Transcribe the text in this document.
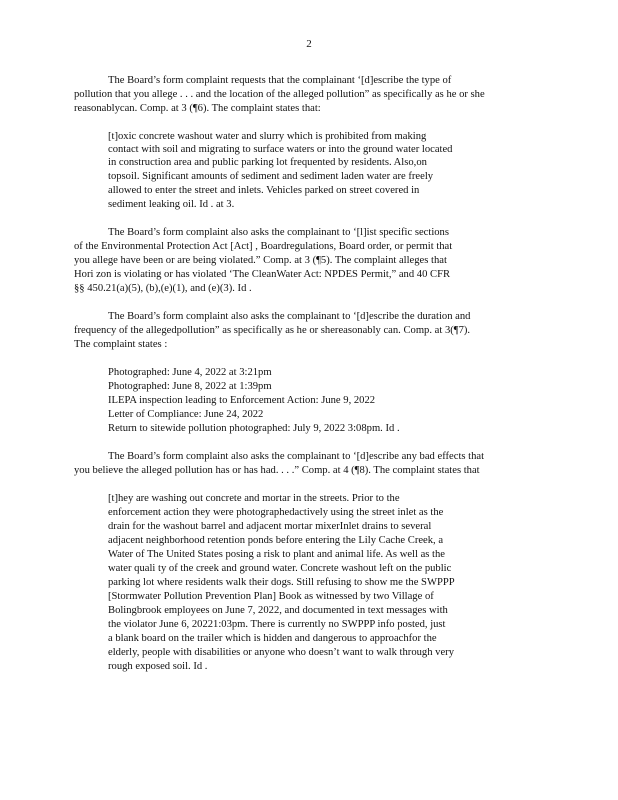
2
The Board’s form complaint requests that the complainant ‘[d]escribe the type of
pollution that you allege . . . and the location of the alleged pollution” as specifically as he or she
reasonablycan. Comp. at 3 (¶6). The complaint states that:
[t]oxic concrete washout water and slurry which is prohibited from making
contact with soil and migrating to surface waters or into the ground water located
in construction area and public parking lot frequented by residents. Also,on
topsoil. Significant amounts of sediment and sediment laden water are freely
allowed to enter the street and inlets. Vehicles parked on street covered in
sediment leaking oil. Id . at 3.
The Board’s form complaint also asks the complainant to ‘[l]ist specific sections
of the Environmental Protection Act [Act] , Boardregulations, Board order, or permit that
you allege have been or are being violated.” Comp. at 3 (¶5). The complaint alleges that
Hori zon is violating or has violated ‘The CleanWater Act: NPDES Permit,” and 40 CFR
§§ 450.21(a)(5), (b),(e)(1), and (e)(3). Id .
The Board’s form complaint also asks the complainant to ‘[d]escribe the duration and
frequency of the allegedpollution” as specifically as he or shereasonably can. Comp. at 3(¶7).
The complaint states :
Photographed: June 4, 2022 at 3:21pm
Photographed: June 8, 2022 at 1:39pm
ILEPA inspection leading to Enforcement Action: June 9, 2022
Letter of Compliance: June 24, 2022
Return to sitewide pollution photographed: July 9, 2022 3:08pm. Id .
The Board’s form complaint also asks the complainant to ‘[d]escribe any bad effects that
you believe the alleged pollution has or has had. . . .” Comp. at 4 (¶8). The complaint states that
[t]hey are washing out concrete and mortar in the streets. Prior to the
enforcement action they were photographedactively using the street inlet as the
drain for the washout barrel and adjacent mortar mixerInlet drains to several
adjacent neighborhood retention ponds before entering the Lily Cache Creek, a
Water of The United States posing a risk to plant and animal life. As well as the
water quali ty of the creek and ground water. Concrete washout left on the public
parking lot where residents walk their dogs. Still refusing to show me the SWPPP
[Stormwater Pollution Prevention Plan] Book as witnessed by two Village of
Bolingbrook employees on June 7, 2022, and documented in text messages with
the violator June 6, 20221:03pm. There is currently no SWPPP info posted, just
a blank board on the trailer which is hidden and dangerous to approachfor the
elderly, people with disabilities or anyone who doesn’t want to walk through very
rough exposed soil. Id .
